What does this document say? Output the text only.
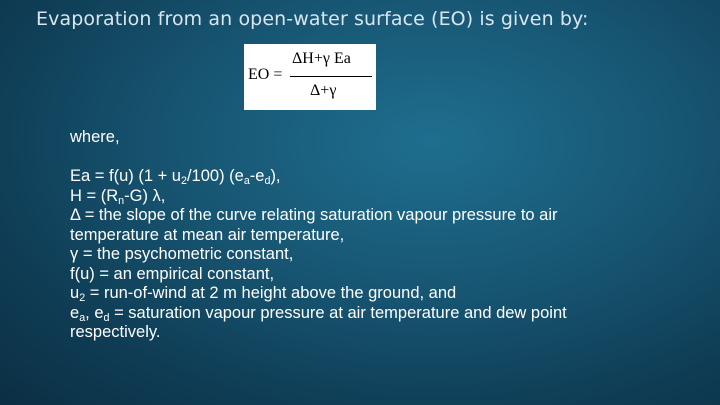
Evaporation from an open-water surface (EO) is given by:
EO =
ΔH+γ Ea
Δ+γ
where,
Ea = f(u) $(1 + u_2/100)$ $(e_a-e_d)$,
$H = (R_n-G)$ λ,
Δ = the slope of the curve relating saturation vapour pressure to air
temperature at mean air temperature,
γ = the psychometric constant,
f(u) = an empirical constant,
$u_2$ = run-of-wind at 2 m height above the ground, and
$e_a$, $e_d$ = saturation vapour pressure at air temperature and dew point
respectively.
